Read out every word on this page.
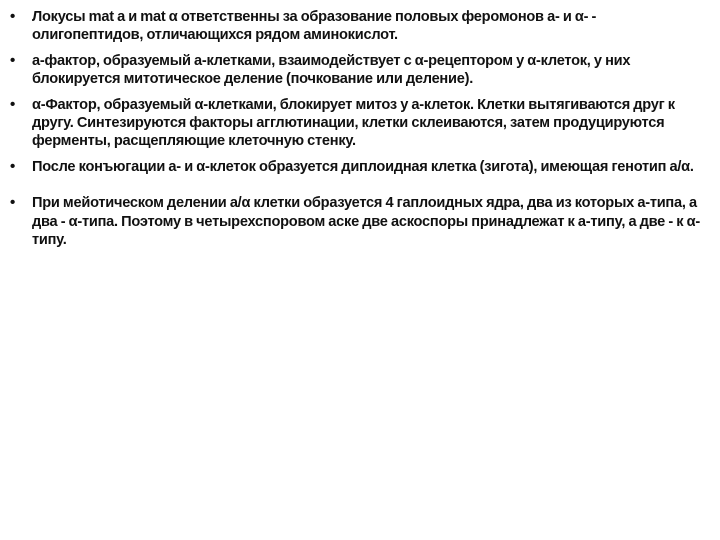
•	Локусы mat a и mat α ответственны за образование половых феромонов a- и α- - олигопептидов, отличающихся рядом аминокислот.
•	a-фактор, образуемый a-клетками, взаимодействует с α-рецептором у α-клеток, у них блокируется митотическое деление (почкование или деление).
•	α-Фактор, образуемый α-клетками, блокирует митоз у a-клеток. Клетки вытягиваются друг к другу. Синтезируются факторы агглютинации, клетки склеиваются, затем продуцируются ферменты, расщепляющие клеточную стенку.
•	После конъюгации a- и α-клеток образуется диплоидная клетка (зигота), имеющая генотип a/α.
•	При мейотическом делении a/α клетки образуется 4 гаплоидных ядра, два из которых a-типа, а два - α-типа. Поэтому в четырехспоровом аске две аскоспоры принадлежат к a-типу, а две - к α-типу.
